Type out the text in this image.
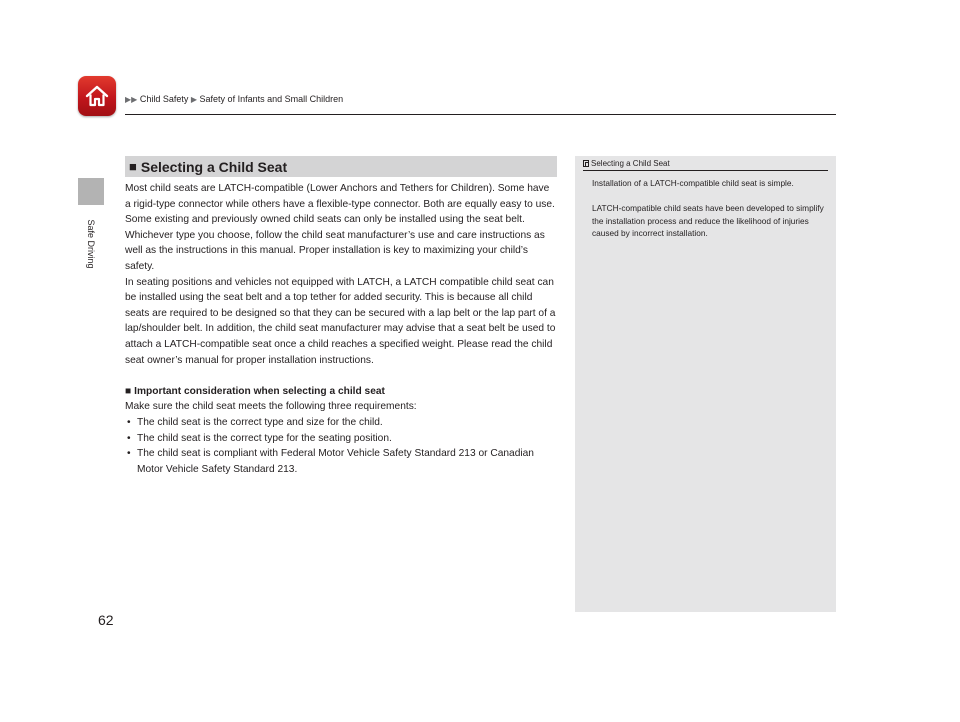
▶▶ Child Safety ▶ Safety of Infants and Small Children
Safe Driving
■ Selecting a Child Seat

Most child seats are LATCH-compatible (Lower Anchors and Tethers for Children). Some have a rigid-type connector while others have a flexible-type connector. Both are equally easy to use. Some existing and previously owned child seats can only be installed using the seat belt. Whichever type you choose, follow the child seat manufacturer’s use and care instructions as well as the instructions in this manual. Proper installation is key to maximizing your child’s safety.

In seating positions and vehicles not equipped with LATCH, a LATCH compatible child seat can be installed using the seat belt and a top tether for added security. This is because all child seats are required to be designed so that they can be secured with a lap belt or the lap part of a lap/shoulder belt. In addition, the child seat manufacturer may advise that a seat belt be used to attach a LATCH-compatible seat once a child reaches a specified weight. Please read the child seat owner’s manual for proper installation instructions.

■ Important consideration when selecting a child seat

Make sure the child seat meets the following three requirements:

• The child seat is the correct type and size for the child.
• The child seat is the correct type for the seating position.
• The child seat is compliant with Federal Motor Vehicle Safety Standard 213 or Canadian Motor Vehicle Safety Standard 213.
Selecting a Child Seat

Installation of a LATCH-compatible child seat is simple.

LATCH-compatible child seats have been developed to simplify the installation process and reduce the likelihood of injuries caused by incorrect installation.

62
